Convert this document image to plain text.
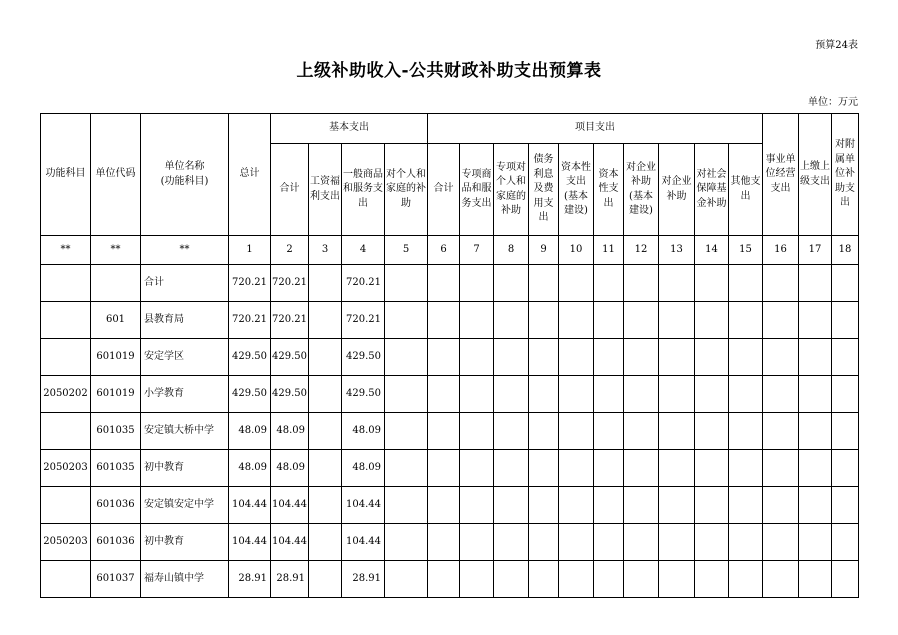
预算24表
上级补助收入-公共财政补助支出预算表
单位：万元
功能科目	单位代码	单位名称
(功能科目)	总计	基本支出				项目支出										事业单位经营支出	上缴上级支出	对附属单位补助支出
				合计	工资福利支出	一般商品和服务支出	对个人和家庭的补助	合计	专项商品和服务支出	专项对个人和家庭的补助	债务利息及费用支出	资本性支出(基本建设)	资本性支出	对企业补助(基本建设)	对企业补助	对社会保障基金补助	其他支出			
**	**	**	1	2	3	4	5	6	7	8	9	10	11	12	13	14	15	16	17	18
		合计	720.21	720.21		720.21														
	601	县教育局	720.21	720.21		720.21														
	601019	安定学区	429.50	429.50		429.50														
2050202	601019	小学教育	429.50	429.50		429.50														
	601035	安定镇大桥中学	48.09	48.09		48.09														
2050203	601035	初中教育	48.09	48.09		48.09														
	601036	安定镇安定中学	104.44	104.44		104.44														
2050203	601036	初中教育	104.44	104.44		104.44														
	601037	福寿山镇中学	28.91	28.91		28.91														
